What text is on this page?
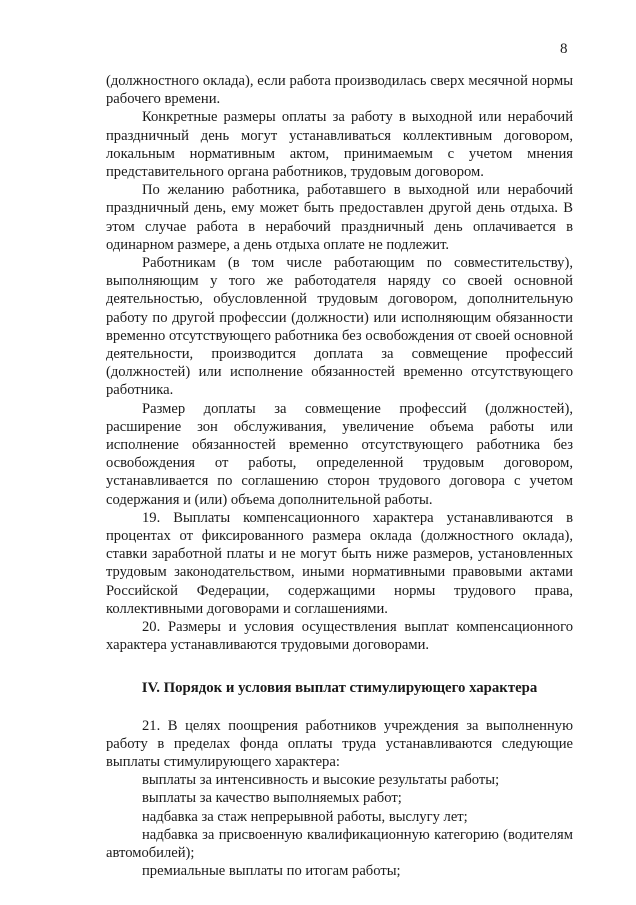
8

(должностного оклада), если работа производилась сверх месячной нормы рабочего времени.

Конкретные размеры оплаты за работу в выходной или нерабочий праздничный день могут устанавливаться коллективным договором, локальным нормативным актом, принимаемым с учетом мнения представительного органа работников, трудовым договором.

По желанию работника, работавшего в выходной или нерабочий праздничный день, ему может быть предоставлен другой день отдыха. В этом случае работа в нерабочий праздничный день оплачивается в одинарном размере, а день отдыха оплате не подлежит.

Работникам (в том числе работающим по совместительству), выполняющим у того же работодателя наряду со своей основной деятельностью, обусловленной трудовым договором, дополнительную работу по другой профессии (должности) или исполняющим обязанности временно отсутствующего работника без освобождения от своей основной деятельности, производится доплата за совмещение профессий (должностей) или исполнение обязанностей временно отсутствующего работника.

Размер доплаты за совмещение профессий (должностей), расширение зон обслуживания, увеличение объема работы или исполнение обязанностей временно отсутствующего работника без освобождения от работы, определенной трудовым договором, устанавливается по соглашению сторон трудового договора с учетом содержания и (или) объема дополнительной работы.

19. Выплаты компенсационного характера устанавливаются в процентах от фиксированного размера оклада (должностного оклада), ставки заработной платы и не могут быть ниже размеров, установленных трудовым законодательством, иными нормативными правовыми актами Российской Федерации, содержащими нормы трудового права, коллективными договорами и соглашениями.

20. Размеры и условия осуществления выплат компенсационного характера устанавливаются трудовыми договорами.

IV. Порядок и условия выплат стимулирующего характера

21. В целях поощрения работников учреждения за выполненную работу в пределах фонда оплаты труда устанавливаются следующие выплаты стимулирующего характера:

выплаты за интенсивность и высокие результаты работы;

выплаты за качество выполняемых работ;

надбавка за стаж непрерывной работы, выслугу лет;

надбавка за присвоенную квалификационную категорию (водителям автомобилей);

премиальные выплаты по итогам работы;
